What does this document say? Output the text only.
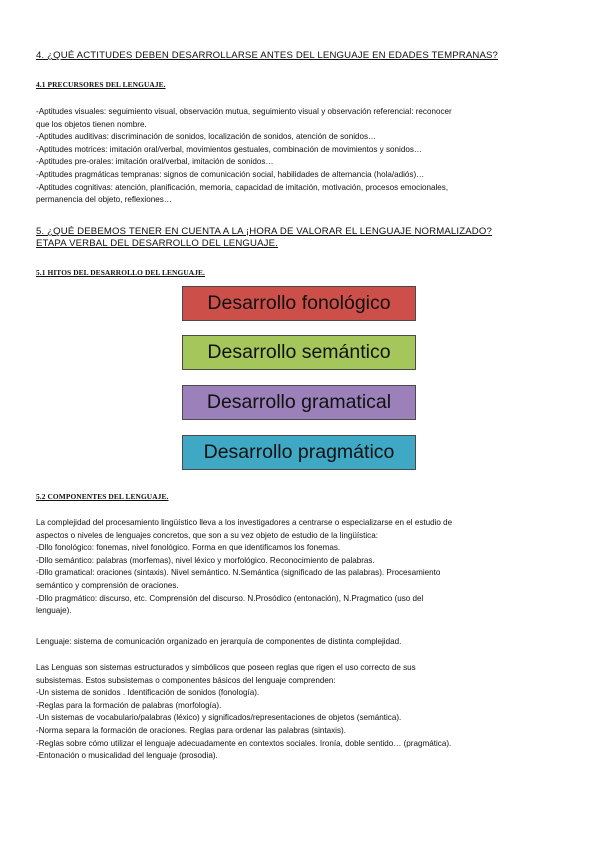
4. ¿QUÉ ACTITUDES DEBEN DESARROLLARSE ANTES DEL LENGUAJE EN EDADES TEMPRANAS?
4.1 PRECURSORES DEL LENGUAJE.
-Aptitudes visuales: seguimiento visual, observación mutua, seguimiento visual y observación referencial: reconocer
que los objetos tienen nombre.
-Aptitudes auditivas: discriminación de sonidos, localización de sonidos, atención de sonidos…
-Aptitudes motrices: imitación oral/verbal, movimientos gestuales, combinación de movimientos y sonidos…
-Aptitudes pre-orales: imitación oral/verbal, imitación de sonidos…
-Aptitudes pragmáticas tempranas: signos de comunicación social, habilidades de alternancia (hola/adiós)…
-Aptitudes cognitivas: atención, planificación, memoria, capacidad de imitación, motivación, procesos emocionales,
permanencia del objeto, reflexiones…
5. ¿QUÉ DEBEMOS TENER EN CUENTA A LA ¡HORA DE VALORAR EL LENGUAJE NORMALIZADO?
ETAPA VERBAL DEL DESARROLLO DEL LENGUAJE.
5.1 HITOS DEL DESARROLLO DEL LENGUAJE.
Desarrollo fonológico
Desarrollo semántico
Desarrollo gramatical
Desarrollo pragmático
5.2 COMPONENTES DEL LENGUAJE.
La complejidad del procesamiento lingüístico lleva a los investigadores a centrarse o especializarse en el estudio de
aspectos o niveles de lenguajes concretos, que son a su vez objeto de estudio de la lingüística:
-Dllo fonológico: fonemas, nivel fonológico. Forma en que identificamos los fonemas.
-Dllo semántico: palabras (morfemas), nivel léxico y morfológico. Reconocimiento de palabras.
-Dllo gramatical: oraciones (sintaxis). Nivel semántico. N.Semántica (significado de las palabras). Procesamiento
semántico y comprensión de oraciones.
-Dllo pragmático: discurso, etc. Comprensión del discurso. N.Prosódico (entonación), N.Pragmatico (uso del
lenguaje).
Lenguaje: sistema de comunicación organizado en jerarquía de componentes de distinta complejidad.
Las Lenguas son sistemas estructurados y simbólicos que poseen reglas que rigen el uso correcto de sus
subsistemas. Estos subsistemas o componentes básicos del lenguaje comprenden:
-Un sistema de sonidos . Identificación de sonidos (fonología).
-Reglas para la formación de palabras (morfología).
-Un sistemas de vocabulario/palabras (léxico) y significados/representaciones de objetos (semántica).
-Norma separa la formación de oraciones. Reglas para ordenar las palabras (sintaxis).
-Reglas sobre cómo utilizar el lenguaje adecuadamente en contextos sociales. Ironía, doble sentido… (pragmática).
-Entonación o musicalidad del lenguaje (prosodia).
